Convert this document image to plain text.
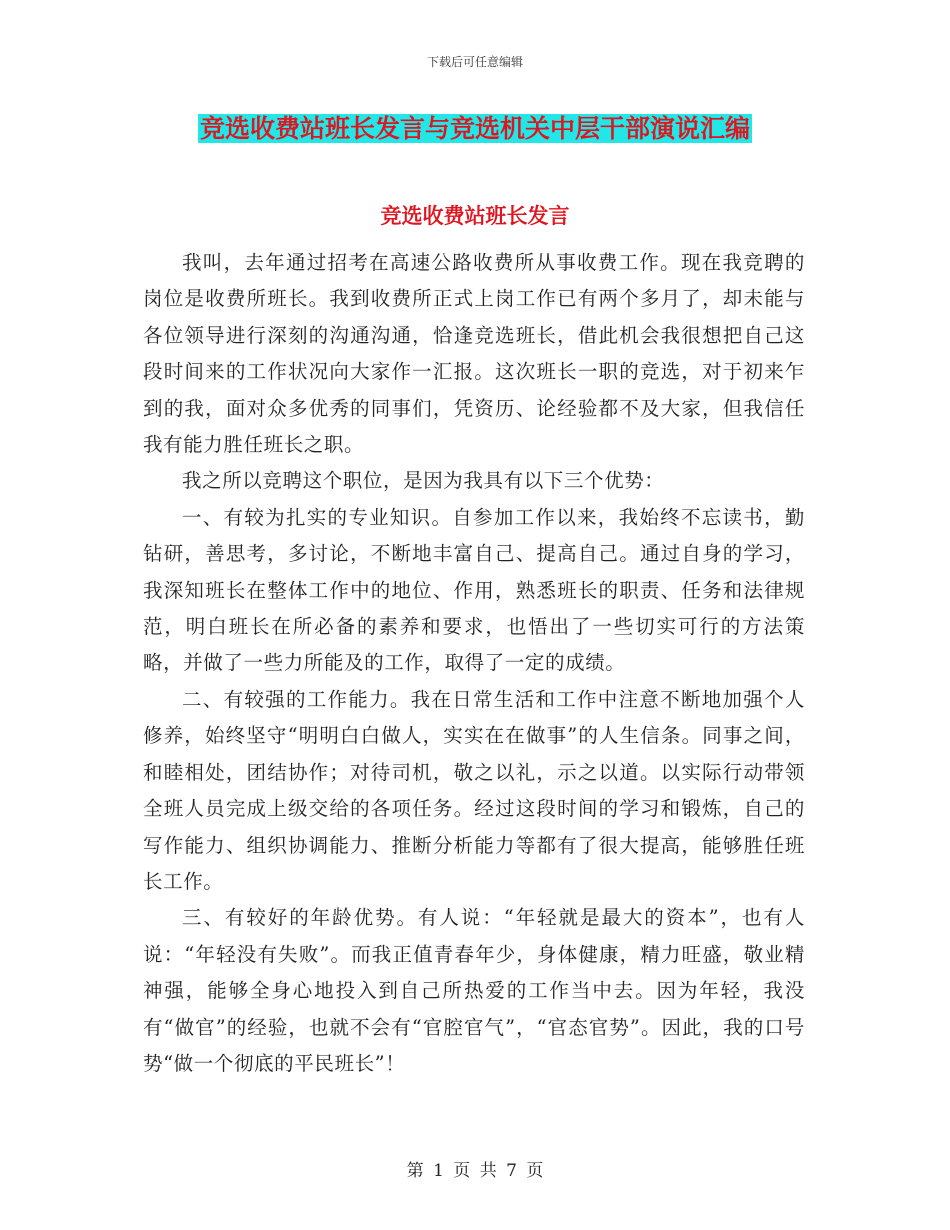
下载后可任意编辑
竞选收费站班长发言与竞选机关中层干部演说汇编
竞选收费站班长发言

我叫，去年通过招考在高速公路收费所从事收费工作。现在我竞聘的岗位是收费所班长。我到收费所正式上岗工作已有两个多月了，却未能与各位领导进行深刻的沟通沟通，恰逢竞选班长，借此机会我很想把自己这段时间来的工作状况向大家作一汇报。这次班长一职的竞选，对于初来乍到的我，面对众多优秀的同事们，凭资历、论经验都不及大家，但我信任我有能力胜任班长之职。

我之所以竞聘这个职位，是因为我具有以下三个优势：

一、有较为扎实的专业知识。自参加工作以来，我始终不忘读书，勤钻研，善思考，多讨论，不断地丰富自己、提高自己。通过自身的学习，我深知班长在整体工作中的地位、作用，熟悉班长的职责、任务和法律规范，明白班长在所必备的素养和要求，也悟出了一些切实可行的方法策略，并做了一些力所能及的工作，取得了一定的成绩。

二、有较强的工作能力。我在日常生活和工作中注意不断地加强个人修养，始终坚守“明明白白做人，实实在在做事”的人生信条。同事之间，和睦相处，团结协作；对待司机，敬之以礼，示之以道。以实际行动带领全班人员完成上级交给的各项任务。经过这段时间的学习和锻炼，自己的写作能力、组织协调能力、推断分析能力等都有了很大提高，能够胜任班长工作。

三、有较好的年龄优势。有人说：“年轻就是最大的资本”，也有人说：“年轻没有失败”。而我正值青春年少，身体健康，精力旺盛，敬业精神强，能够全身心地投入到自己所热爱的工作当中去。因为年轻，我没有“做官”的经验，也就不会有“官腔官气”，“官态官势”。因此，我的口号势“做一个彻底的平民班长”！

第 1 页 共 7 页
